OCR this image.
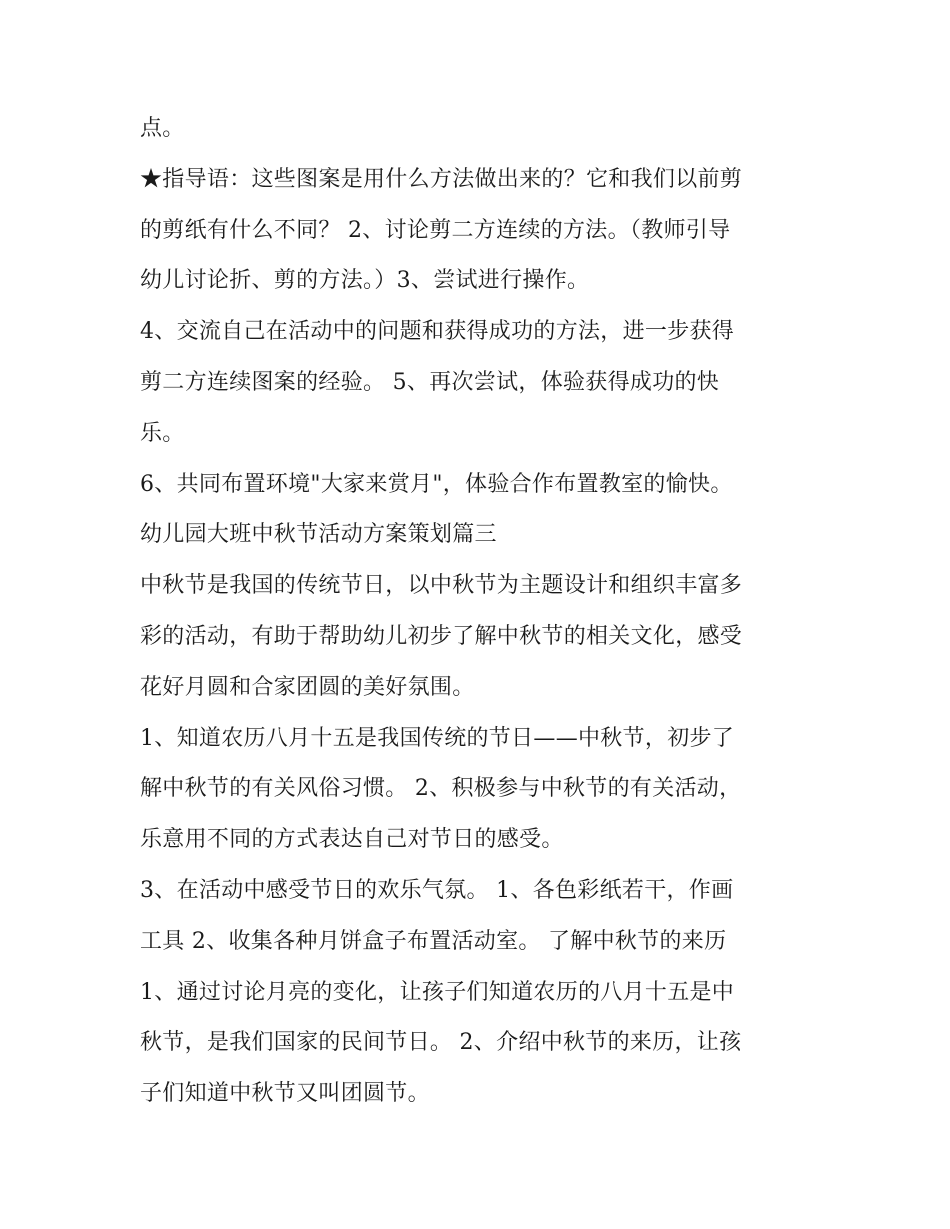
点。
★指导语：这些图案是用什么方法做出来的？它和我们以前剪
的剪纸有什么不同？ 2、讨论剪二方连续的方法。（教师引导
幼儿讨论折、剪的方法。）3、尝试进行操作。
4、交流自己在活动中的问题和获得成功的方法，进一步获得
剪二方连续图案的经验。 5、再次尝试，体验获得成功的快
乐。
6、共同布置环境"大家来赏月"，体验合作布置教室的愉快。
幼儿园大班中秋节活动方案策划篇三
中秋节是我国的传统节日，以中秋节为主题设计和组织丰富多
彩的活动，有助于帮助幼儿初步了解中秋节的相关文化，感受
花好月圆和合家团圆的美好氛围。
1、知道农历八月十五是我国传统的节日——中秋节，初步了
解中秋节的有关风俗习惯。 2、积极参与中秋节的有关活动，
乐意用不同的方式表达自己对节日的感受。
3、在活动中感受节日的欢乐气氛。 1、各色彩纸若干，作画
工具 2、收集各种月饼盒子布置活动室。 了解中秋节的来历
1、通过讨论月亮的变化，让孩子们知道农历的八月十五是中
秋节，是我们国家的民间节日。 2、介绍中秋节的来历，让孩
子们知道中秋节又叫团圆节。
